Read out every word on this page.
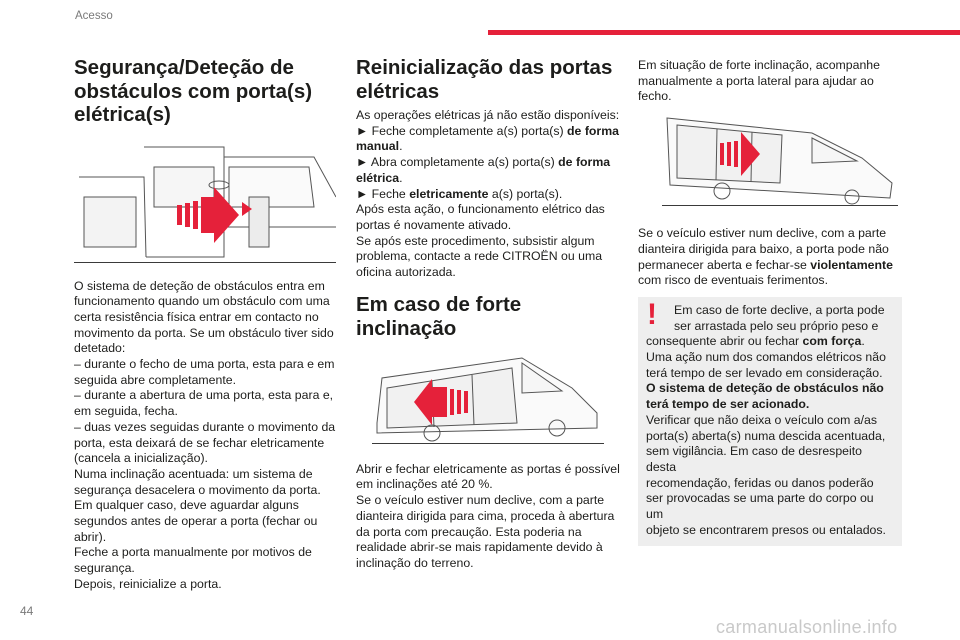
Acesso
Segurança/Deteção de obstáculos com porta(s) elétrica(s)

O sistema de deteção de obstáculos entra em

funcionamento quando um obstáculo com uma

certa resistência física entrar em contacto no

movimento da porta. Se um obstáculo tiver sido

detetado:

– durante o fecho de uma porta, esta para e em

seguida abre completamente.

– durante a abertura de uma porta, esta para e,

em seguida, fecha.

– duas vezes seguidas durante o movimento da

porta, esta deixará de se fechar eletricamente

(cancela a inicialização).

Numa inclinação acentuada: um sistema de

segurança desacelera o movimento da porta.

Em qualquer caso, deve aguardar alguns

segundos antes de operar a porta (fechar ou

abrir).

Feche a porta manualmente por motivos de

segurança.

Depois, reinicialize a porta.

Reinicialização das portas elétricas

As operações elétricas já não estão disponíveis:

► Feche completamente a(s) porta(s) de forma

manual.

► Abra completamente a(s) porta(s) de forma

elétrica.

► Feche eletricamente a(s) porta(s).

Após esta ação, o funcionamento elétrico das

portas é novamente ativado.

Se após este procedimento, subsistir algum

problema, contacte a rede CITROËN ou uma

oficina autorizada.

Em caso de forte inclinação

Abrir e fechar eletricamente as portas é possível

em inclinações até 20 %.

Se o veículo estiver num declive, com a parte

dianteira dirigida para cima, proceda à abertura

da porta com precaução. Esta poderia na

realidade abrir-se mais rapidamente devido à

inclinação do terreno.

Em situação de forte inclinação, acompanhe

manualmente a porta lateral para ajudar ao

fecho.

Se o veículo estiver num declive, com a parte

dianteira dirigida para baixo, a porta pode não

permanecer aberta e fechar-se violentamente

com risco de eventuais ferimentos.

!	Em caso de forte declive, a porta pode

ser arrastada pelo seu próprio peso e

consequente abrir ou fechar com força.

Uma ação num dos comandos elétricos não

terá tempo de ser levado em consideração.

O sistema de deteção de obstáculos não

terá tempo de ser acionado.

Verificar que não deixa o veículo com a/as

porta(s) aberta(s) numa descida acentuada,

sem vigilância. Em caso de desrespeito desta

recomendação, feridas ou danos poderão

ser provocadas se uma parte do corpo ou um

objeto se encontrarem presos ou entalados.

44
carmanualsonline.info
